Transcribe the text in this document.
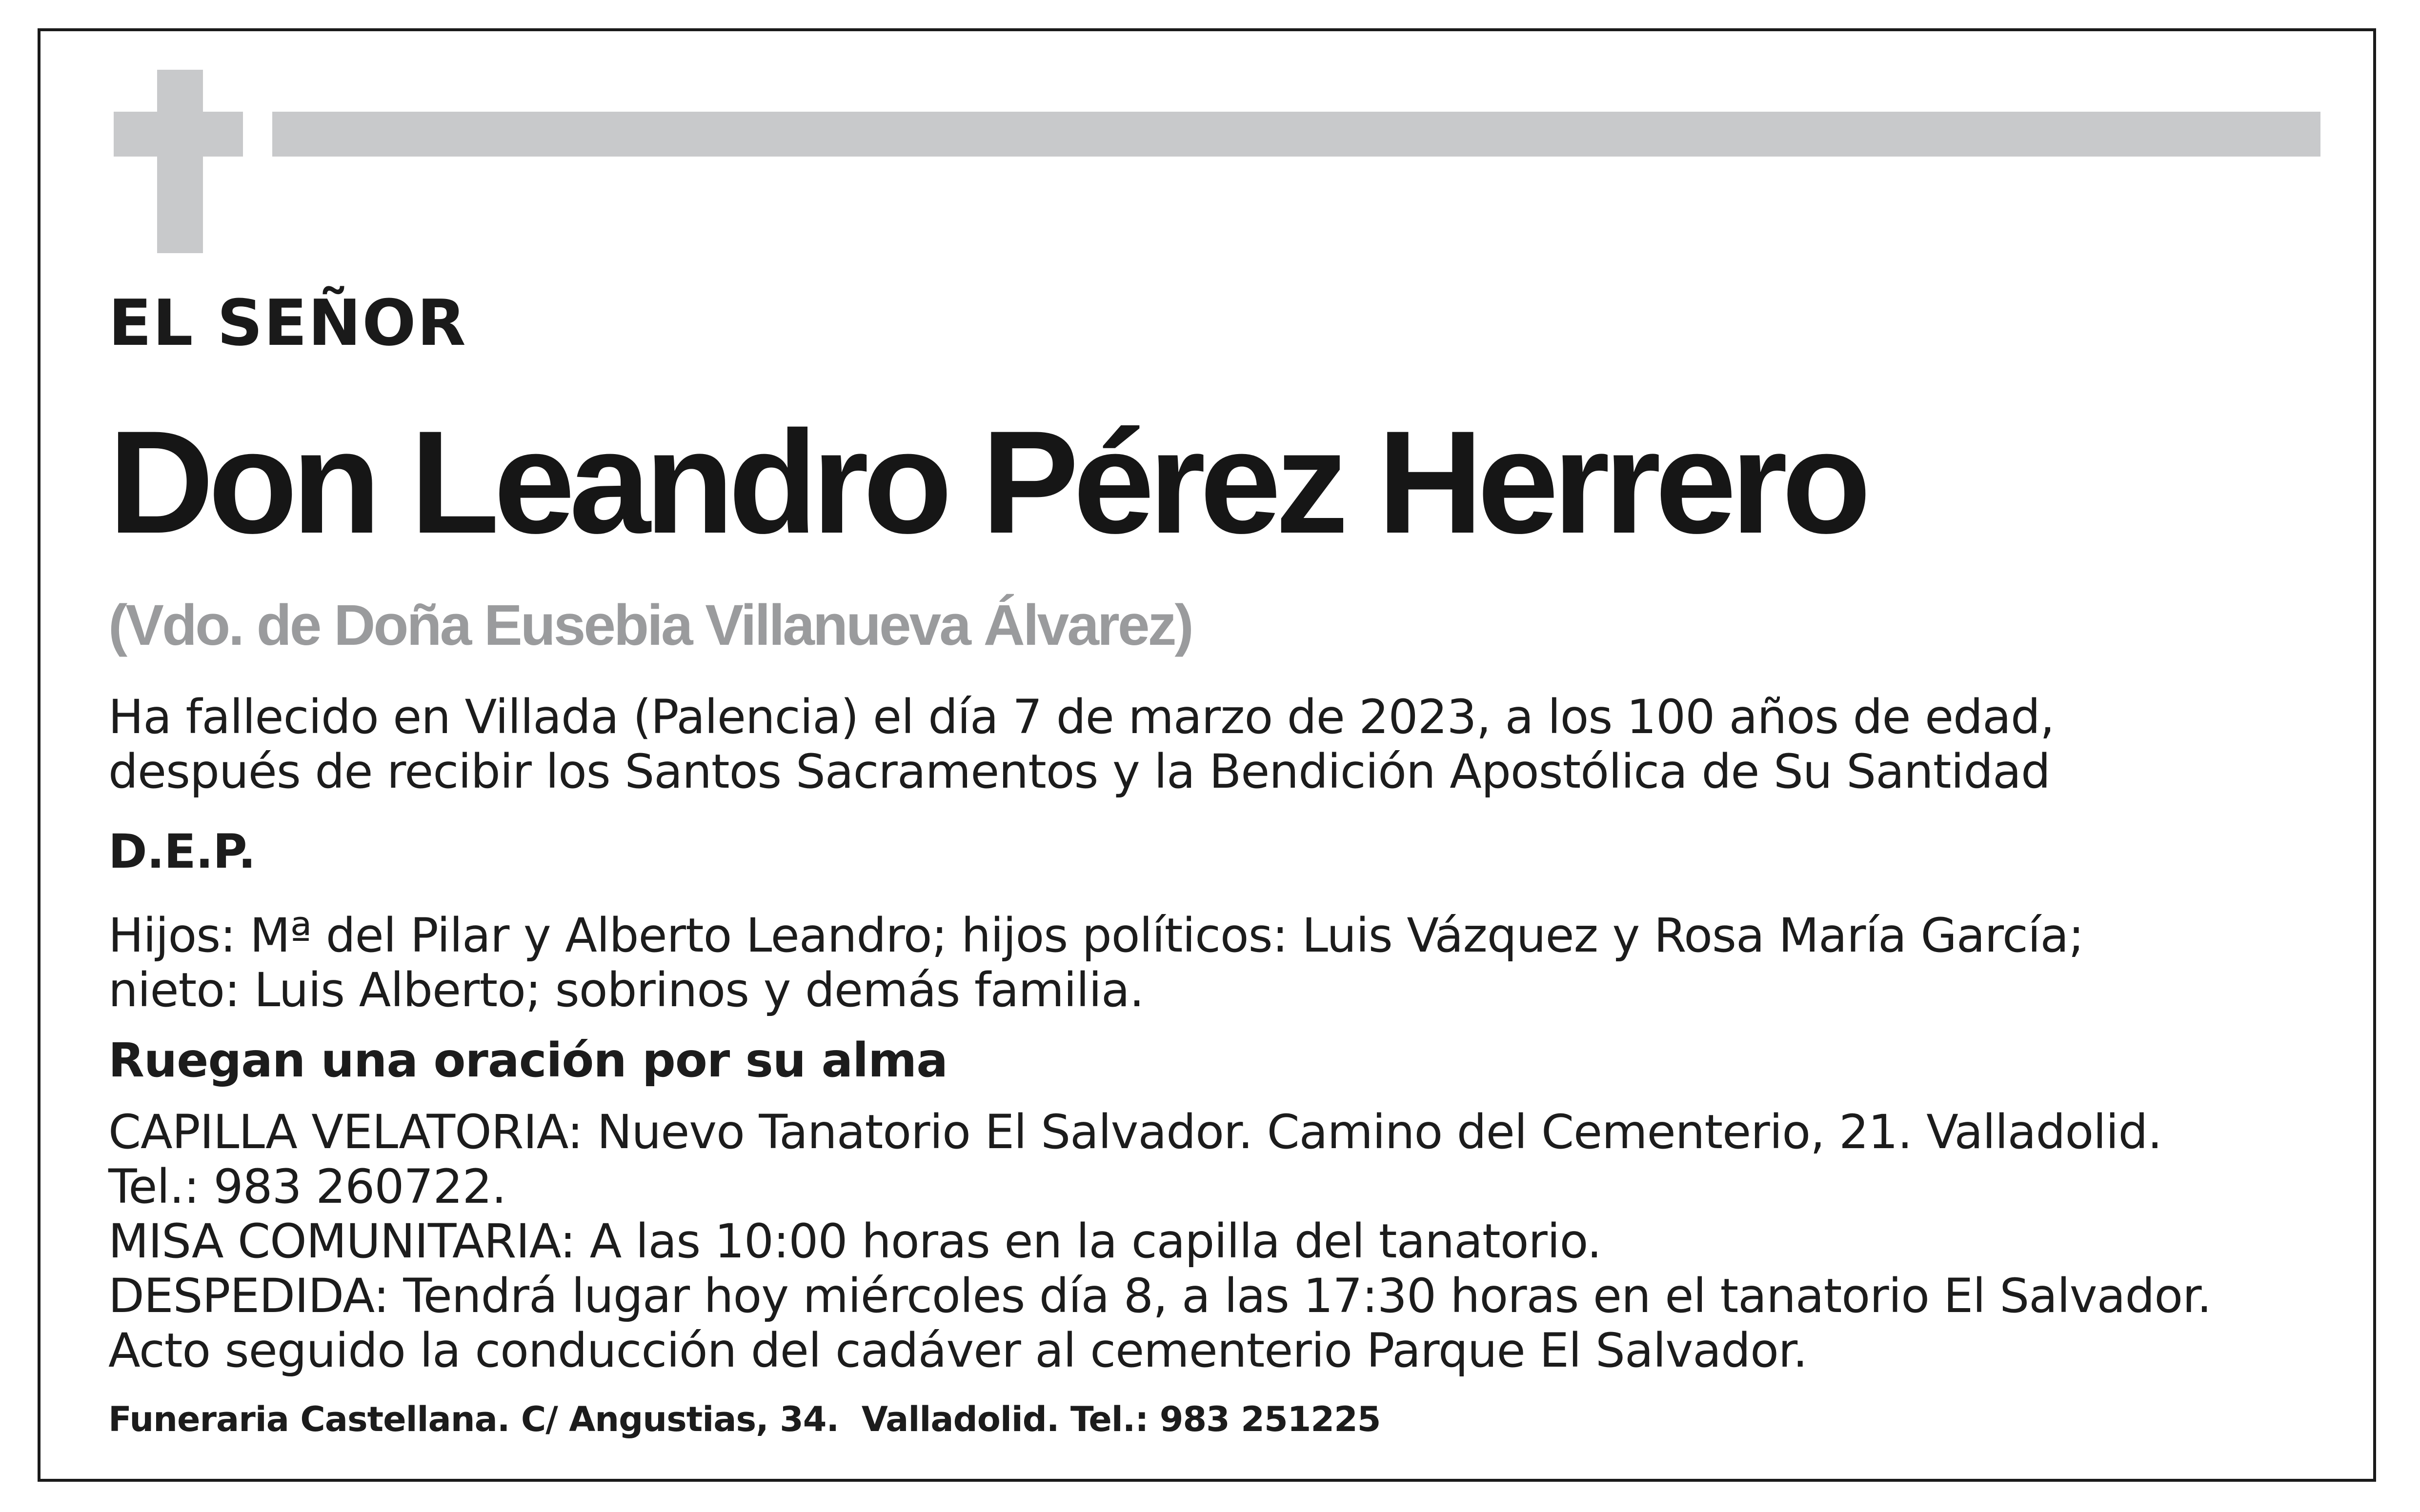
EL SEÑOR

Don Leandro Pérez Herrero

(Vdo. de Doña Eusebia Villanueva Álvarez)

Ha fallecido en Villada (Palencia) el día 7 de marzo de 2023, a los 100 años de edad,

después de recibir los Santos Sacramentos y la Bendición Apostólica de Su Santidad

D.E.P.

Hijos: Mª del Pilar y Alberto Leandro; hijos políticos: Luis Vázquez y Rosa María García;

nieto: Luis Alberto; sobrinos y demás familia.

Ruegan una oración por su alma

CAPILLA VELATORIA: Nuevo Tanatorio El Salvador. Camino del Cementerio, 21. Valladolid.

Tel.: 983 260722.

MISA COMUNITARIA: A las 10:00 horas en la capilla del tanatorio.

DESPEDIDA: Tendrá lugar hoy miércoles día 8, a las 17:30 horas en el tanatorio El Salvador.

Acto seguido la conducción del cadáver al cementerio Parque El Salvador.

Funeraria Castellana. C/ Angustias, 34.  Valladolid. Tel.: 983 251225
